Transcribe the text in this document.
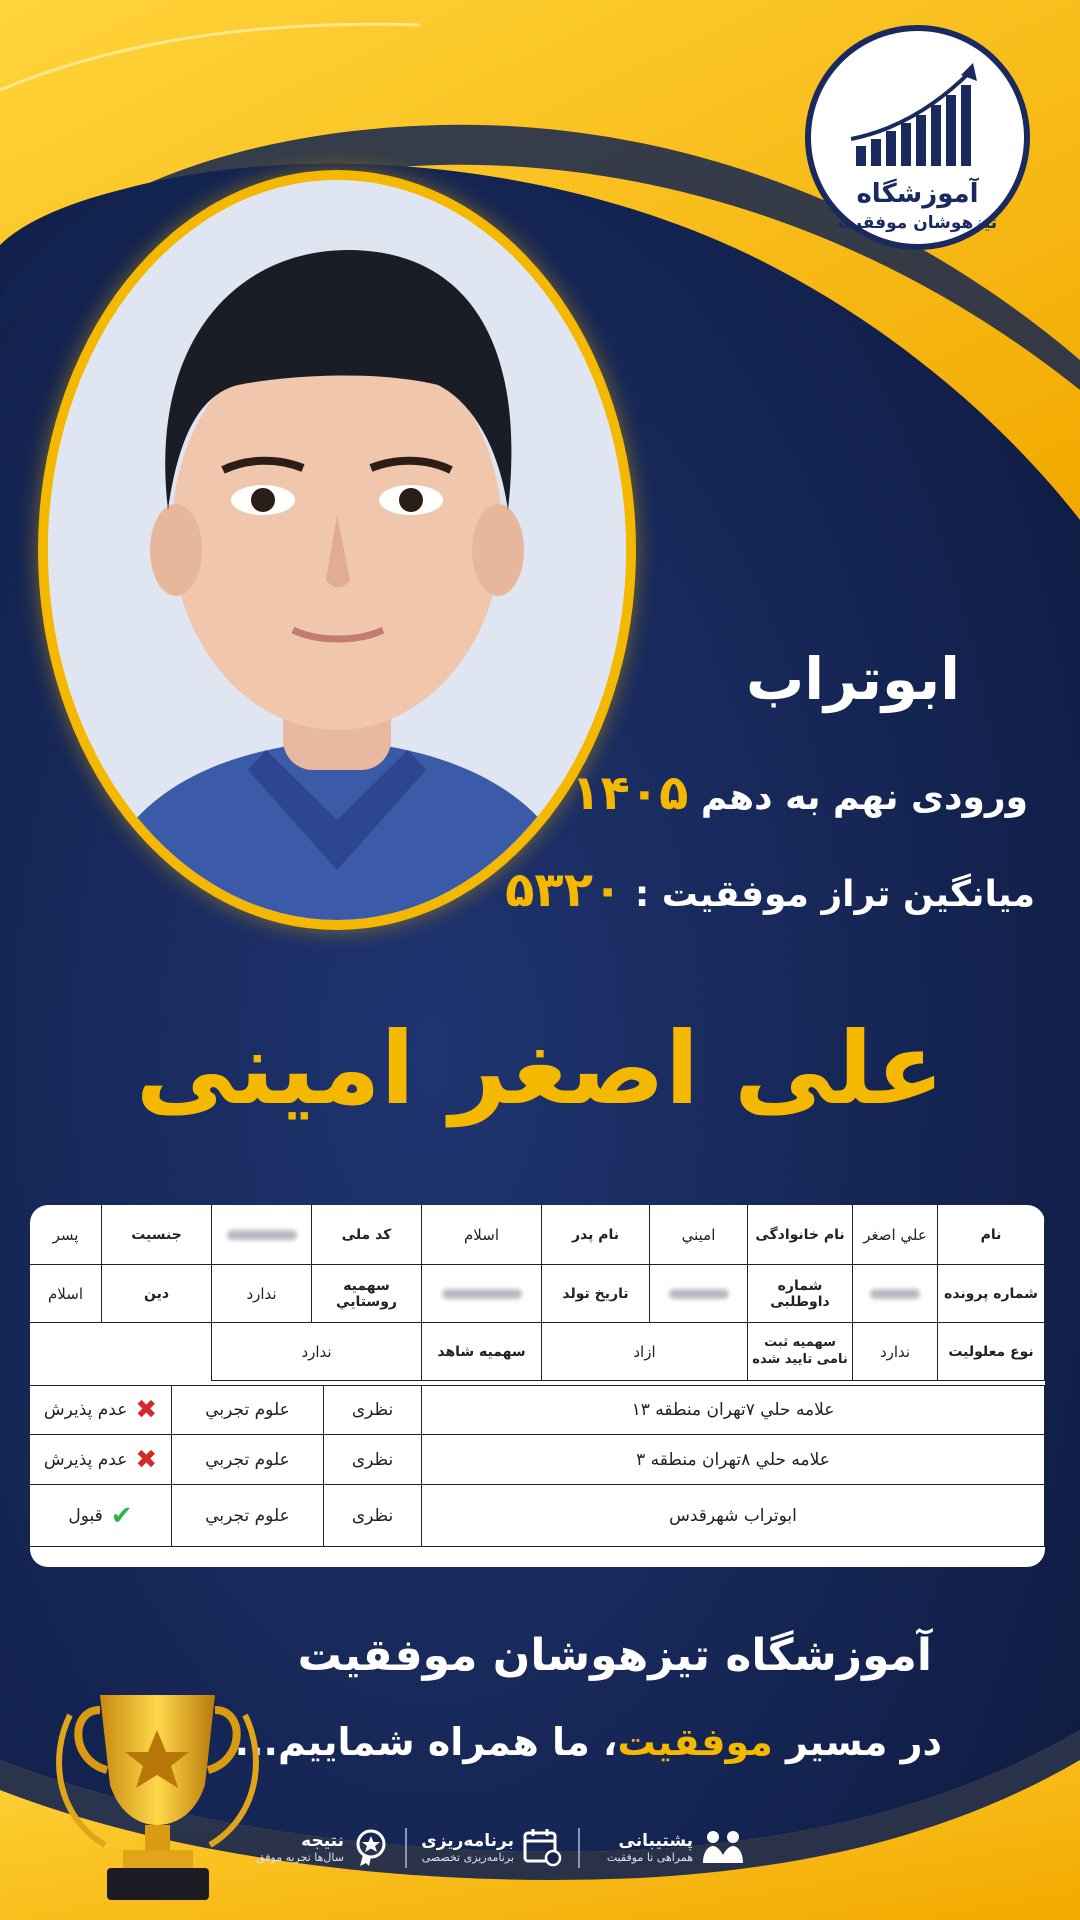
آموزشگاه
تیزهوشان موفقیت
ابوتراب
ورودی نهم به دهم ۱۴۰۵
میانگین تراز موفقیت : ۵۳۲۰
علی اصغر امینی
نام
علي اصغر
نام خانوادگی
اميني
نام پدر
اسلام
کد ملی
جنسیت
پسر
شماره پرونده
شماره داوطلبی
تاریخ تولد
سهمیه روستایي
ندارد
دین
اسلام
نوع معلولیت
ندارد
سهمیه ثبت نامی تایید شده
ازاد
سهمیه شاهد
ندارد
علامه حلي ۷تهران منطقه ۱۳
نظری
علوم تجربي
✖
عدم پذیرش
علامه حلي ۸تهران منطقه ۳
نظری
علوم تجربي
✖
عدم پذیرش
ابوتراب شهرقدس
نظری
علوم تجربي
✔
قبول
آموزشگاه تیزهوشان موفقیت
در مسیر موفقیت، ما همراه شماییم...
پشتیبانی
همراهی تا موفقیت
برنامه‌ریزی
برنامه‌ریزی تخصصی
نتیجه
سال‌ها تجربه موفق
